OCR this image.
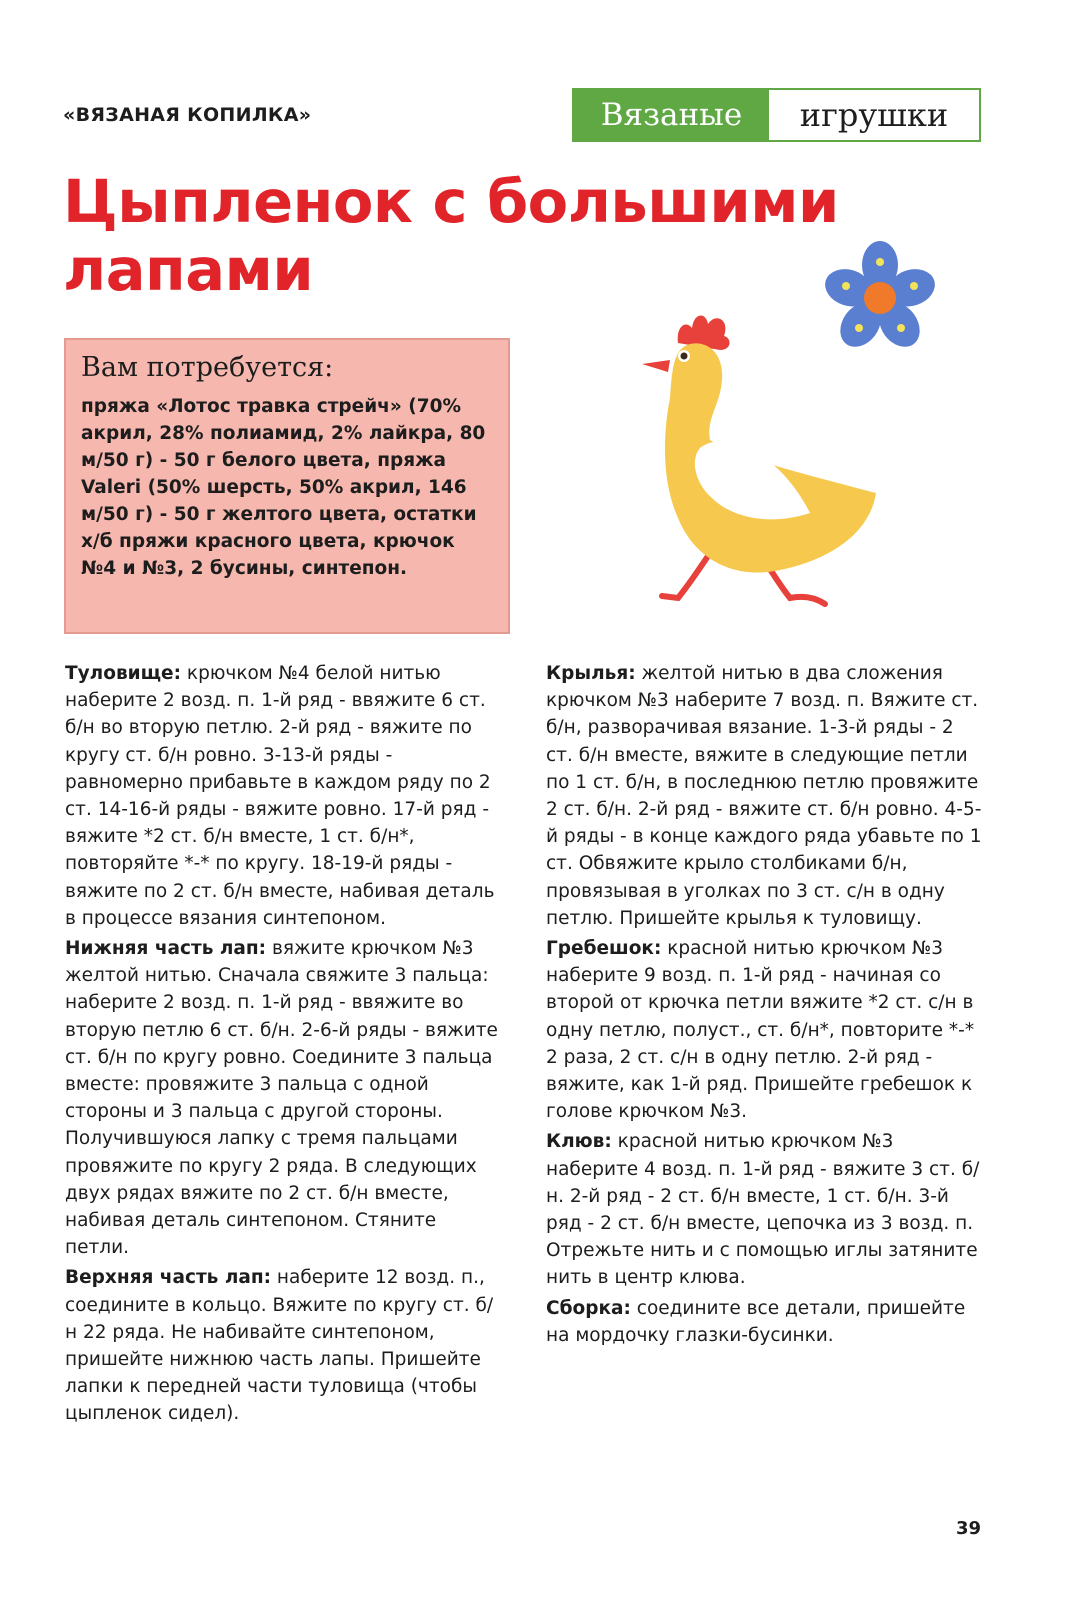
«ВЯЗАНАЯ КОПИЛКА»	Вязаные	игрушки
Цыпленок с большими
лапами
Вам потребуется:
пряжа «Лотос травка стрейч» (70% акрил, 28% полиамид, 2% лайкра, 80 м/50 г) - 50 г белого цвета, пряжа Valeri (50% шерсть, 50% акрил, 146 м/50 г) - 50 г желтого цвета, остатки х/б пряжи красного цвета, крючок №4 и №3, 2 бусины, синтепон.

Туловище: крючком №4 белой нитью наберите 2 возд. п. 1-й ряд - ввяжите 6 ст. б/н во вторую петлю. 2-й ряд - вяжите по кругу ст. б/н ровно. 3-13-й ряды - равномерно прибавьте в каждом ряду по 2 ст. 14-16-й ряды - вяжите ровно. 17-й ряд - вяжите *2 ст. б/н вместе, 1 ст. б/н*, повторяйте *-* по кругу. 18-19-й ряды - вяжите по 2 ст. б/н вместе, набивая деталь в процессе вязания синтепоном.

Нижняя часть лап: вяжите крючком №3 желтой нитью. Сначала свяжите 3 пальца: наберите 2 возд. п. 1-й ряд - ввяжите во вторую петлю 6 ст. б/н. 2-6-й ряды - вяжите ст. б/н по кругу ровно. Соедините 3 пальца вместе: провяжите 3 пальца с одной стороны и 3 пальца с другой стороны. Получившуюся лапку с тремя пальцами провяжите по кругу 2 ряда. В следующих двух рядах вяжите по 2 ст. б/н вместе, набивая деталь синтепоном. Стяните петли.

Верхняя часть лап: наберите 12 возд. п., соедините в кольцо. Вяжите по кругу ст. б/н 22 ряда. Не набивайте синтепоном, пришейте нижнюю часть лапы. Пришейте лапки к передней части туловища (чтобы цыпленок сидел).

Крылья: желтой нитью в два сложения крючком №3 наберите 7 возд. п. Вяжите ст. б/н, разворачивая вязание. 1-3-й ряды - 2 ст. б/н вместе, вяжите в следующие петли по 1 ст. б/н, в последнюю петлю провяжите 2 ст. б/н. 2-й ряд - вяжите ст. б/н ровно. 4-5-й ряды - в конце каждого ряда убавьте по 1 ст. Обвяжите крыло столбиками б/н, провязывая в уголках по 3 ст. с/н в одну петлю. Пришейте крылья к туловищу.

Гребешок: красной нитью крючком №3 наберите 9 возд. п. 1-й ряд - начиная со второй от крючка петли вяжите *2 ст. с/н в одну петлю, полуст., ст. б/н*, повторите *-* 2 раза, 2 ст. с/н в одну петлю. 2-й ряд - вяжите, как 1-й ряд. Пришейте гребешок к голове крючком №3.

Клюв: красной нитью крючком №3 наберите 4 возд. п. 1-й ряд - вяжите 3 ст. б/н. 2-й ряд - 2 ст. б/н вместе, 1 ст. б/н. 3-й ряд - 2 ст. б/н вместе, цепочка из 3 возд. п. Отрежьте нить и с помощью иглы затяните нить в центр клюва.

Сборка: соедините все детали, пришейте на мордочку глазки-бусинки.

39
